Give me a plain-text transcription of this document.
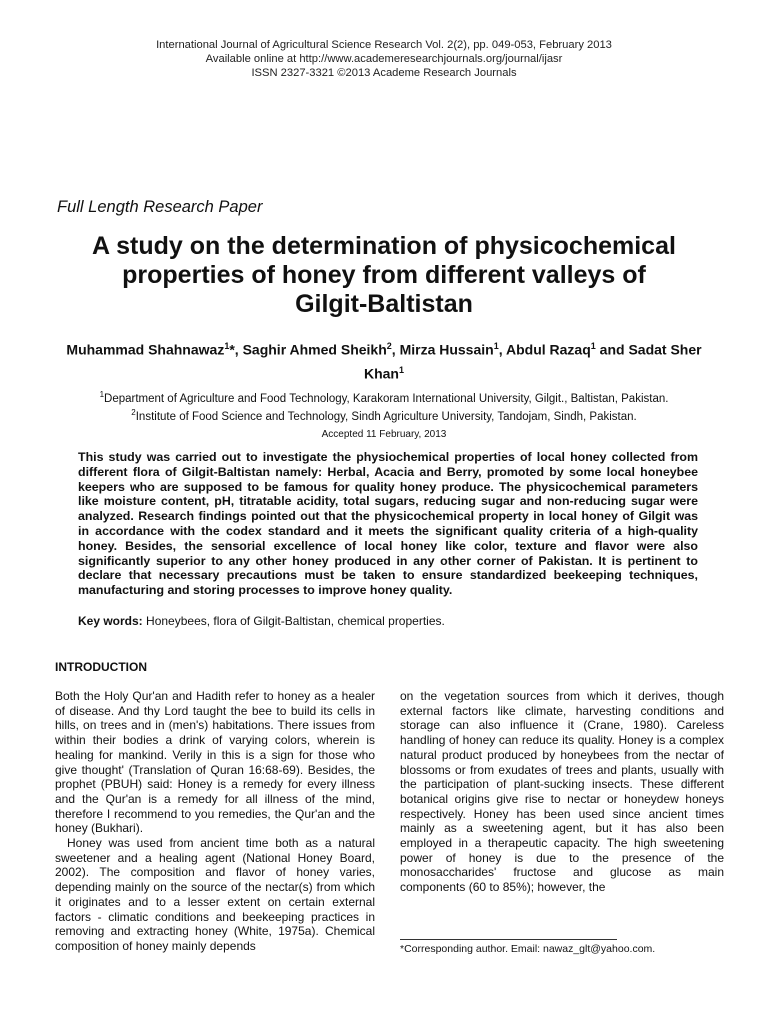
International Journal of Agricultural Science Research Vol. 2(2), pp. 049-053, February 2013
Available online at http://www.academeresearchjournals.org/journal/ijasr
ISSN 2327-3321 ©2013 Academe Research Journals
Full Length Research Paper
A study on the determination of physicochemical
properties of honey from different valleys of
Gilgit-Baltistan
Muhammad Shahnawaz$^1$*, Saghir Ahmed Sheikh$^2$, Mirza Hussain$^1$, Abdul Razaq$^1$ and Sadat Sher Khan$^1$
$^1$Department of Agriculture and Food Technology, Karakoram International University, Gilgit., Baltistan, Pakistan.
$^2$Institute of Food Science and Technology, Sindh Agriculture University, Tandojam, Sindh, Pakistan.
Accepted 11 February, 2013
This study was carried out to investigate the physiochemical properties of local honey collected from different flora of Gilgit-Baltistan namely: Herbal, Acacia and Berry, promoted by some local honeybee keepers who are supposed to be famous for quality honey produce. The physicochemical parameters like moisture content, pH, titratable acidity, total sugars, reducing sugar and non-reducing sugar were analyzed. Research findings pointed out that the physicochemical property in local honey of Gilgit was in accordance with the codex standard and it meets the significant quality criteria of a high-quality honey. Besides, the sensorial excellence of local honey like color, texture and flavor were also significantly superior to any other honey produced in any other corner of Pakistan. It is pertinent to declare that necessary precautions must be taken to ensure standardized beekeeping techniques, manufacturing and storing processes to improve honey quality.
Key words: Honeybees, flora of Gilgit-Baltistan, chemical properties.
INTRODUCTION

Both the Holy Qur'an and Hadith refer to honey as a healer of disease. And thy Lord taught the bee to build its cells in hills, on trees and in (men's) habitations. There issues from within their bodies a drink of varying colors, wherein is healing for mankind. Verily in this is a sign for those who give thought' (Translation of Quran 16:68-69). Besides, the prophet (PBUH) said: Honey is a remedy for every illness and the Qur'an is a remedy for all illness of the mind, therefore I recommend to you remedies, the Qur'an and the honey (Bukhari).

Honey was used from ancient time both as a natural sweetener and a healing agent (National Honey Board, 2002). The composition and flavor of honey varies, depending mainly on the source of the nectar(s) from which it originates and to a lesser extent on certain external factors - climatic conditions and beekeeping practices in removing and extracting honey (White, 1975a). Chemical composition of honey mainly depends

on the vegetation sources from which it derives, though external factors like climate, harvesting conditions and storage can also influence it (Crane, 1980). Careless handling of honey can reduce its quality. Honey is a complex natural product produced by honeybees from the nectar of blossoms or from exudates of trees and plants, usually with the participation of plant-sucking insects. These different botanical origins give rise to nectar or honeydew honeys respectively. Honey has been used since ancient times mainly as a sweetening agent, but it has also been employed in a therapeutic capacity. The high sweetening power of honey is due to the presence of the monosaccharides' fructose and glucose as main components (60 to 85%); however, the

*Corresponding author. Email: nawaz_glt@yahoo.com.
